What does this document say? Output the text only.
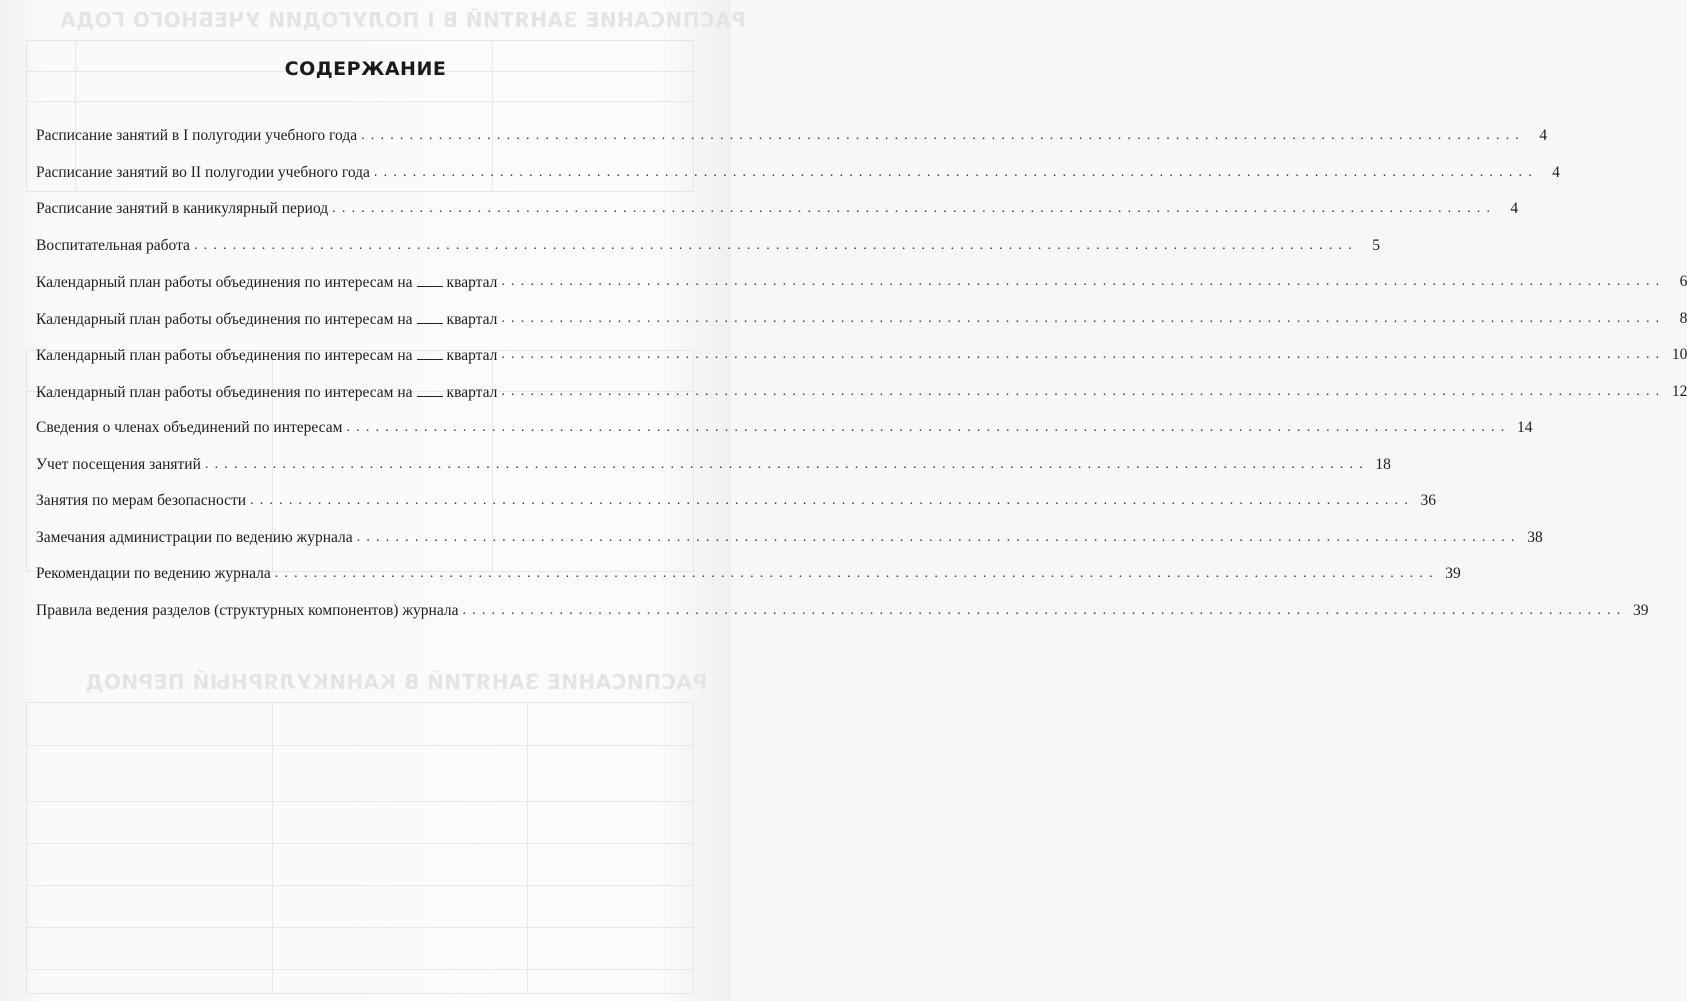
РАСПИСАНИЕ ЗАНЯТИЙ В I ПОЛУГОДИИ УЧЕБНОГО ГОДА
РАСПИСАНИЕ ЗАНЯТИЙ В КАНИКУЛЯРНЫЙ ПЕРИОД
СОДЕРЖАНИЕ
Расписание занятий в I полугодии учебного года ........................................................................................................................ 4
Расписание занятий во II полугодии учебного года ........................................................................................................................ 4
Расписание занятий в каникулярный период ........................................................................................................................ 4
Воспитательная работа ........................................................................................................................ 5
Календарный план работы объединения по интересам на квартал ........................................................................................................................ 6
Календарный план работы объединения по интересам на квартал ........................................................................................................................ 8
Календарный план работы объединения по интересам на квартал ........................................................................................................................ 10
Календарный план работы объединения по интересам на квартал ........................................................................................................................ 12
Сведения о членах объединений по интересам ........................................................................................................................ 14
Учет посещения занятий ........................................................................................................................ 18
Занятия по мерам безопасности ........................................................................................................................ 36
Замечания администрации по ведению журнала ........................................................................................................................ 38
Рекомендации по ведению журнала ........................................................................................................................ 39
Правила ведения разделов (структурных компонентов) журнала ........................................................................................................................ 39
